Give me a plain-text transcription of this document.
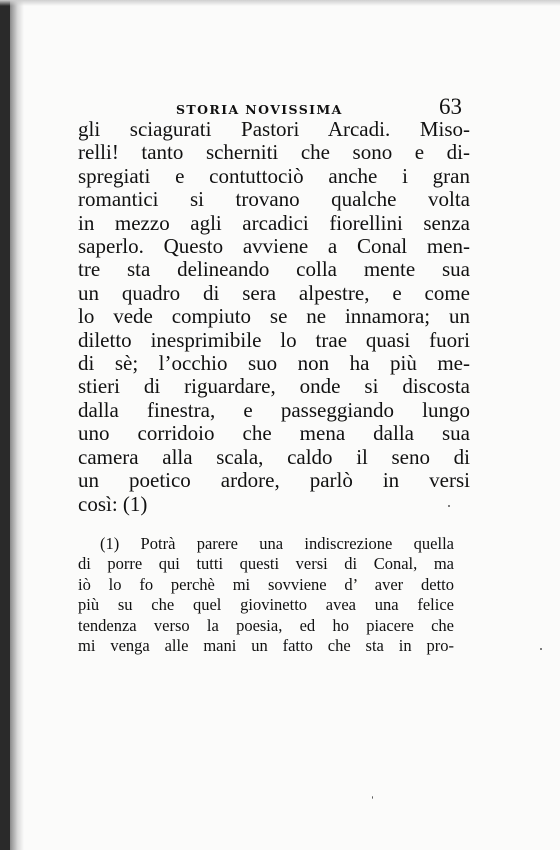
STORIA NOVISSIMA	63
gli sciagurati Pastori Arcadi. Miso-
relli! tanto scherniti che sono e di-
spregiati e contuttociò anche i gran
romantici si trovano qualche volta
in mezzo agli arcadici fiorellini senza
saperlo. Questo avviene a Conal men-
tre sta delineando colla mente sua
un quadro di sera alpestre, e come
lo vede compiuto se ne innamora; un
diletto inesprimibile lo trae quasi fuori
di sè; l’occhio suo non ha più me-
stieri di riguardare, onde si discosta
dalla finestra, e passeggiando lungo
uno corridoio che mena dalla sua
camera alla scala, caldo il seno di
un poetico ardore, parlò in versi
così: (1)
(1) Potrà parere una indiscrezione quella
di porre qui tutti questi versi di Conal, ma
iò lo fo perchè mi sovviene d’ aver detto
più su che quel giovinetto avea una felice
tendenza verso la poesia, ed ho piacere che
mi venga alle mani un fatto che sta in pro-
